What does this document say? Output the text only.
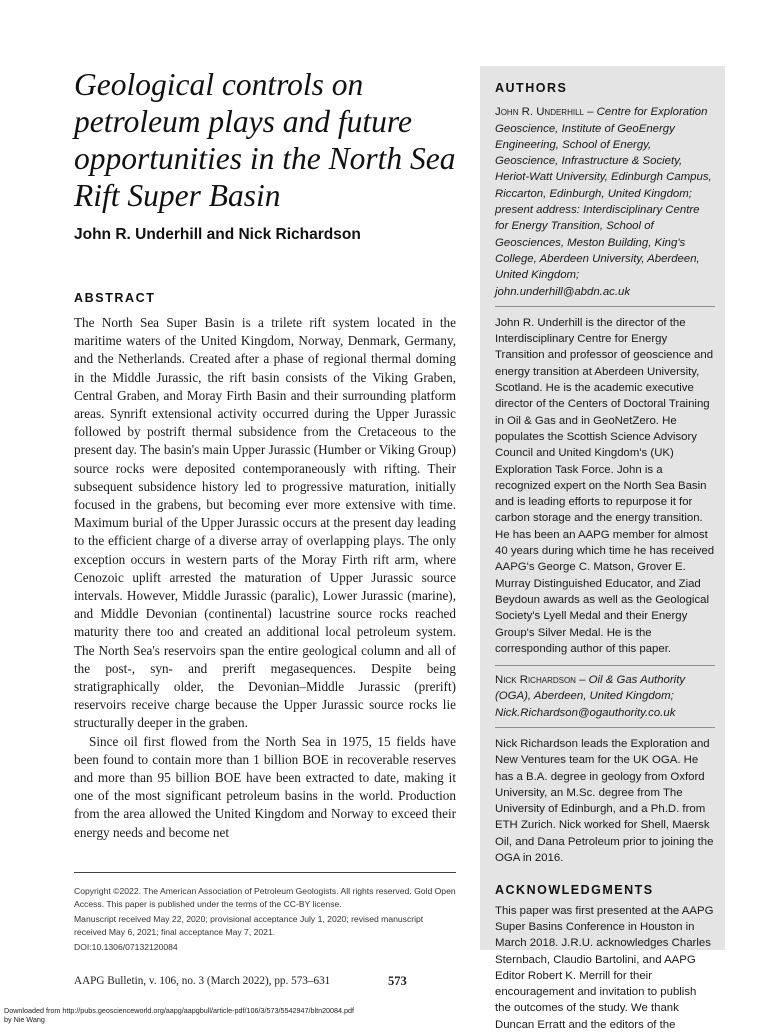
Geological controls on petroleum plays and future opportunities in the North Sea Rift Super Basin
John R. Underhill and Nick Richardson
ABSTRACT

The North Sea Super Basin is a trilete rift system located in the maritime waters of the United Kingdom, Norway, Denmark, Germany, and the Netherlands. Created after a phase of regional thermal doming in the Middle Jurassic, the rift basin consists of the Viking Graben, Central Graben, and Moray Firth Basin and their surrounding platform areas. Synrift extensional activity occurred during the Upper Jurassic followed by postrift thermal subsidence from the Cretaceous to the present day. The basin's main Upper Jurassic (Humber or Viking Group) source rocks were deposited contemporaneously with rifting. Their subsequent subsidence history led to progressive maturation, initially focused in the grabens, but becoming ever more extensive with time. Maximum burial of the Upper Jurassic occurs at the present day leading to the efficient charge of a diverse array of overlapping plays. The only exception occurs in western parts of the Moray Firth rift arm, where Cenozoic uplift arrested the maturation of Upper Jurassic source intervals. However, Middle Jurassic (paralic), Lower Jurassic (marine), and Middle Devonian (continental) lacustrine source rocks reached maturity there too and created an additional local petroleum system. The North Sea's reservoirs span the entire geological column and all of the post-, syn- and prerift megasequences. Despite being stratigraphically older, the Devonian–Middle Jurassic (prerift) reservoirs receive charge because the Upper Jurassic source rocks lie structurally deeper in the graben.

Since oil first flowed from the North Sea in 1975, 15 fields have been found to contain more than 1 billion BOE in recoverable reserves and more than 95 billion BOE have been extracted to date, making it one of the most significant petroleum basins in the world. Production from the area allowed the United Kingdom and Norway to exceed their energy needs and become net

Copyright ©2022. The American Association of Petroleum Geologists. All rights reserved. Gold Open Access. This paper is published under the terms of the CC-BY license.

Manuscript received May 22, 2020; provisional acceptance July 1, 2020; revised manuscript received May 6, 2021; final acceptance May 7, 2021.

DOI:10.1306/07132120084

AAPG Bulletin, v. 106, no. 3 (March 2022), pp. 573–631	573
Downloaded from http://pubs.geoscienceworld.org/aapg/aapgbull/article-pdf/106/3/573/5542947/bltn20084.pdf
by Nie Wang
AUTHORS

John R. Underhill – Centre for Exploration Geoscience, Institute of GeoEnergy Engineering, School of Energy, Geoscience, Infrastructure & Society, Heriot-Watt University, Edinburgh Campus, Riccarton, Edinburgh, United Kingdom; present address: Interdisciplinary Centre for Energy Transition, School of Geosciences, Meston Building, King's College, Aberdeen University, Aberdeen, United Kingdom; john.underhill@abdn.ac.uk

John R. Underhill is the director of the Interdisciplinary Centre for Energy Transition and professor of geoscience and energy transition at Aberdeen University, Scotland. He is the academic executive director of the Centers of Doctoral Training in Oil & Gas and in GeoNetZero. He populates the Scottish Science Advisory Council and United Kingdom's (UK) Exploration Task Force. John is a recognized expert on the North Sea Basin and is leading efforts to repurpose it for carbon storage and the energy transition. He has been an AAPG member for almost 40 years during which time he has received AAPG's George C. Matson, Grover E. Murray Distinguished Educator, and Ziad Beydoun awards as well as the Geological Society's Lyell Medal and their Energy Group's Silver Medal. He is the corresponding author of this paper.

Nick Richardson – Oil & Gas Authority (OGA), Aberdeen, United Kingdom; Nick.Richardson@ogauthority.co.uk

Nick Richardson leads the Exploration and New Ventures team for the UK OGA. He has a B.A. degree in geology from Oxford University, an M.Sc. degree from The University of Edinburgh, and a Ph.D. from ETH Zurich. Nick worked for Shell, Maersk Oil, and Dana Petroleum prior to joining the OGA in 2016.

ACKNOWLEDGMENTS

This paper was first presented at the AAPG Super Basins Conference in Houston in March 2018. J.R.U. acknowledges Charles Sternbach, Claudio Bartolini, and AAPG Editor Robert K. Merrill for their encouragement and invitation to publish the outcomes of the study. We thank Duncan Erratt and the editors of the
